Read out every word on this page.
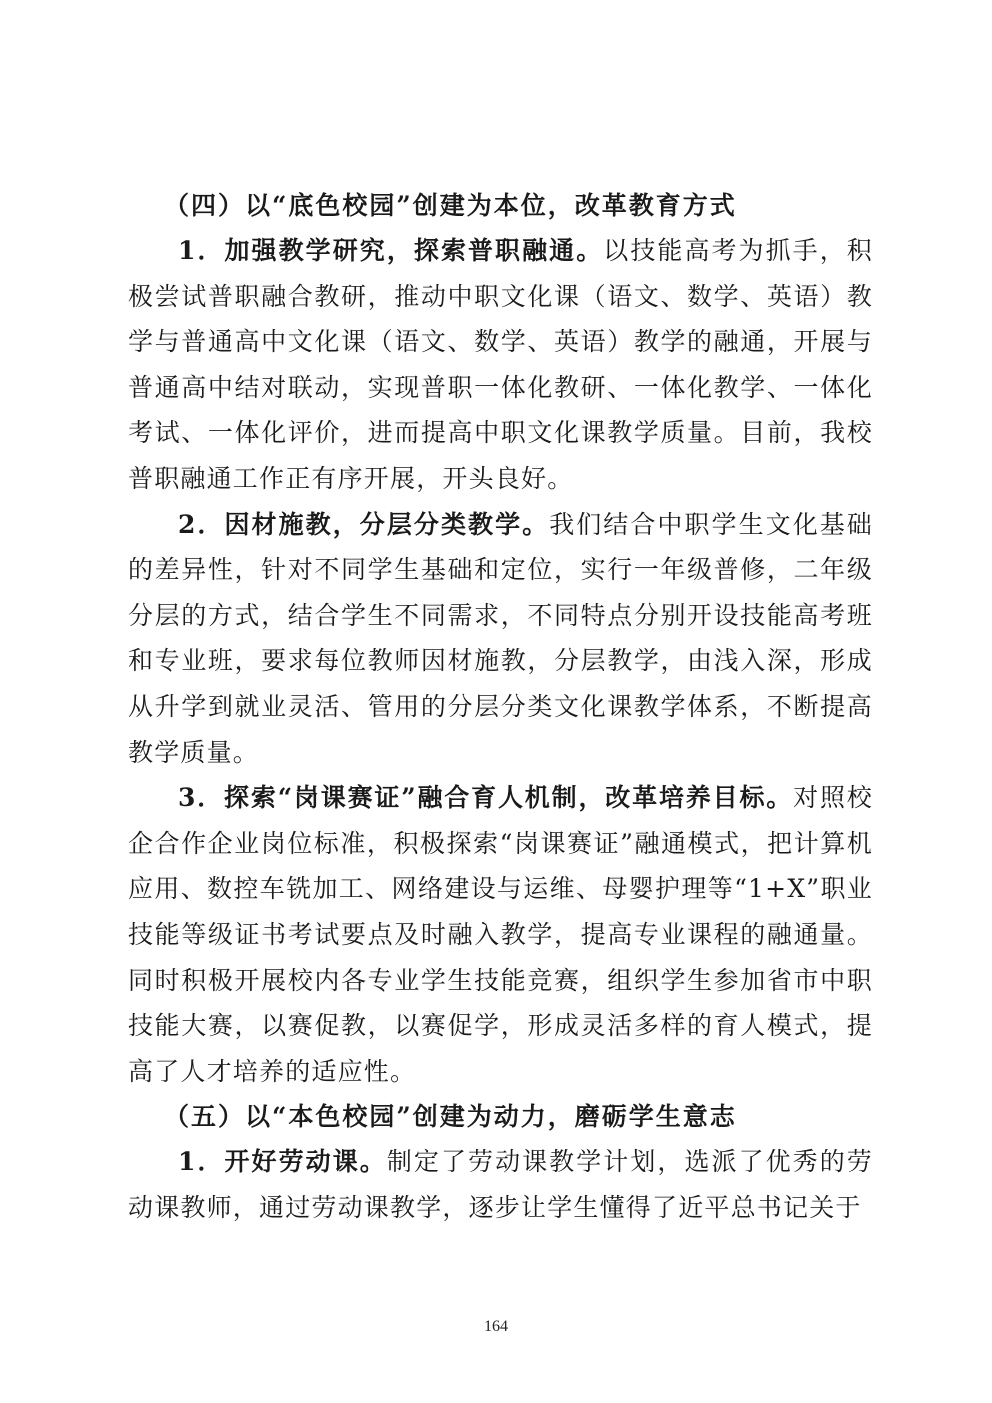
（四）以“底色校园”创建为本位，改革教育方式

1．加强教学研究，探索普职融通。以技能高考为抓手，积极尝试普职融合教研，推动中职文化课（语文、数学、英语）教学与普通高中文化课（语文、数学、英语）教学的融通，开展与普通高中结对联动，实现普职一体化教研、一体化教学、一体化考试、一体化评价，进而提高中职文化课教学质量。目前，我校普职融通工作正有序开展，开头良好。

2．因材施教，分层分类教学。我们结合中职学生文化基础的差异性，针对不同学生基础和定位，实行一年级普修，二年级分层的方式，结合学生不同需求，不同特点分别开设技能高考班和专业班，要求每位教师因材施教，分层教学，由浅入深，形成从升学到就业灵活、管用的分层分类文化课教学体系，不断提高教学质量。

3．探索“岗课赛证”融合育人机制，改革培养目标。对照校企合作企业岗位标准，积极探索“岗课赛证”融通模式，把计算机应用、数控车铣加工、网络建设与运维、母婴护理等“1+X”职业技能等级证书考试要点及时融入教学，提高专业课程的融通量。同时积极开展校内各专业学生技能竞赛，组织学生参加省市中职技能大赛，以赛促教，以赛促学，形成灵活多样的育人模式，提高了人才培养的适应性。

（五）以“本色校园”创建为动力，磨砺学生意志

1．开好劳动课。制定了劳动课教学计划，选派了优秀的劳动课教师，通过劳动课教学，逐步让学生懂得了近平总书记关于

164
